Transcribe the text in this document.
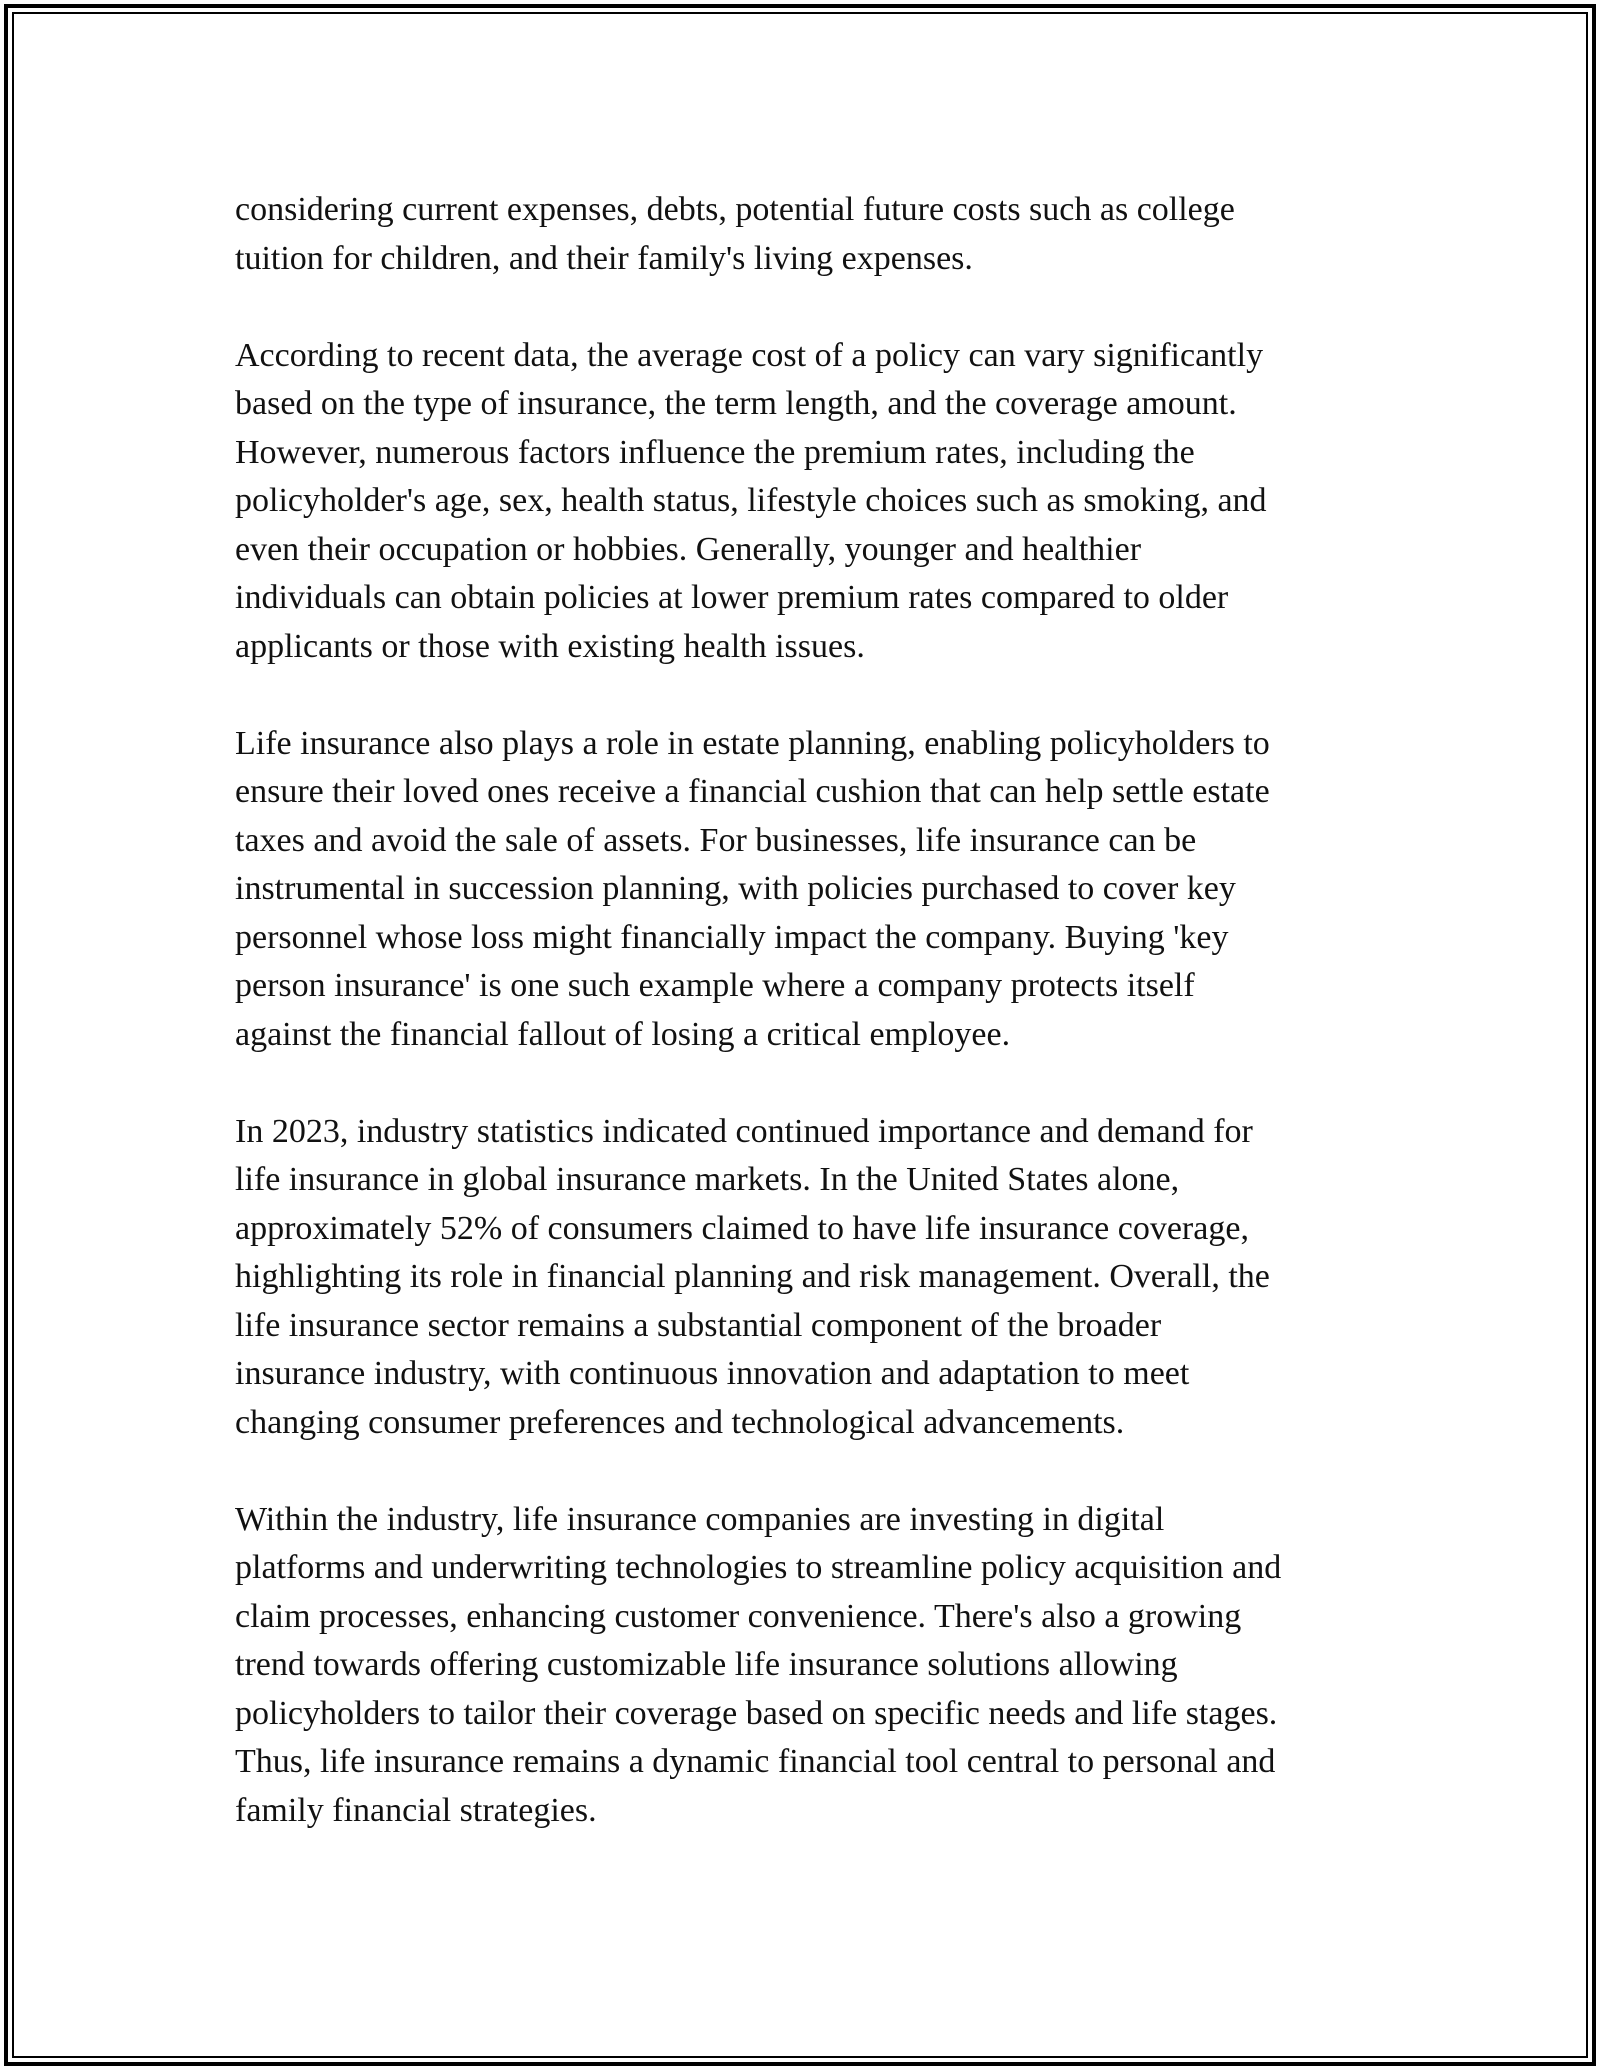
considering current expenses, debts, potential future costs such as college
tuition for children, and their family's living expenses.

According to recent data, the average cost of a policy can vary significantly
based on the type of insurance, the term length, and the coverage amount.
However, numerous factors influence the premium rates, including the
policyholder's age, sex, health status, lifestyle choices such as smoking, and
even their occupation or hobbies. Generally, younger and healthier
individuals can obtain policies at lower premium rates compared to older
applicants or those with existing health issues.

Life insurance also plays a role in estate planning, enabling policyholders to
ensure their loved ones receive a financial cushion that can help settle estate
taxes and avoid the sale of assets. For businesses, life insurance can be
instrumental in succession planning, with policies purchased to cover key
personnel whose loss might financially impact the company. Buying 'key
person insurance' is one such example where a company protects itself
against the financial fallout of losing a critical employee.

In 2023, industry statistics indicated continued importance and demand for
life insurance in global insurance markets. In the United States alone,
approximately 52% of consumers claimed to have life insurance coverage,
highlighting its role in financial planning and risk management. Overall, the
life insurance sector remains a substantial component of the broader
insurance industry, with continuous innovation and adaptation to meet
changing consumer preferences and technological advancements.

Within the industry, life insurance companies are investing in digital
platforms and underwriting technologies to streamline policy acquisition and
claim processes, enhancing customer convenience. There's also a growing
trend towards offering customizable life insurance solutions allowing
policyholders to tailor their coverage based on specific needs and life stages.
Thus, life insurance remains a dynamic financial tool central to personal and
family financial strategies.
